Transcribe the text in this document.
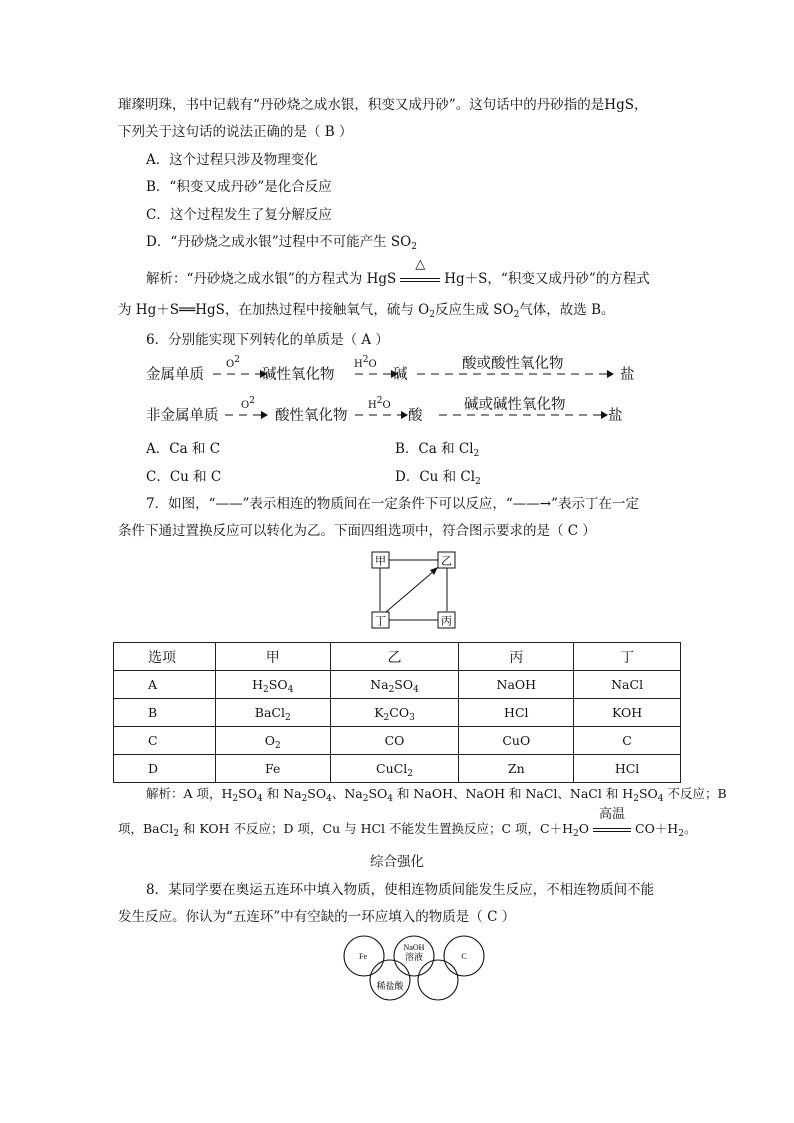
璀璨明珠，书中记载有“丹砂烧之成水银，积变又成丹砂”。这句话中的丹砂指的是HgS，
下列关于这句话的说法正确的是（ B ）
A．这个过程只涉及物理变化
B．“积变又成丹砂”是化合反应
C．这个过程发生了复分解反应
D．“丹砂烧之成水银”过程中不可能产生 $SO_2$
解析：“丹砂烧之成水银”的方程式为 HgS
△
Hg＋S，“积变又成丹砂”的方程式
为 Hg＋S══HgS，在加热过程中接触氧气，硫与 $O_2$反应生成 $SO_2$气体，故选 B。
6．分别能实现下列转化的单质是（ A ）
金属单质
$O^2$
碱性氧化物
$H^2O$
碱
酸或酸性氧化物
盐
非金属单质
$O^2$
酸性氧化物
$H^2O$
酸
碱或碱性氧化物
盐
A．Ca 和 C	B．Ca 和 $Cl_2$
C．Cu 和 C	D．Cu 和 $Cl_2$
7．如图，“——”表示相连的物质间在一定条件下可以反应，“——→”表示丁在一定
条件下通过置换反应可以转化为乙。下面四组选项中，符合图示要求的是（ C ）
甲	乙
丁	丙
选项	甲	乙	丙	丁
A	$H_2SO_4$	$Na_2SO_4$	NaOH	NaCl
B	BaCl$_2$	$K_2CO_3$	HCl	KOH
C	$O_2$	CO	CuO	C
D	Fe	CuCl$_2$	Zn	HCl
解析：A 项，$H_2SO_4$ 和 $Na_2SO_4$、$Na_2SO_4$ 和 NaOH、NaOH 和 NaCl、NaCl 和 $H_2SO_4$ 不反应；B
项，BaCl$_2$ 和 KOH 不反应；D 项，Cu 与 HCl 不能发生置换反应；C 项，$C+H_2O$
高温
$CO+H_2$。
综合强化
8．某同学要在奥运五连环中填入物质，使相连物质间能发生反应，不相连物质间不能
发生反应。你认为“五连环”中有空缺的一环应填入的物质是（ C ）
Fe
NaOH
溶液	C
稀盐酸
